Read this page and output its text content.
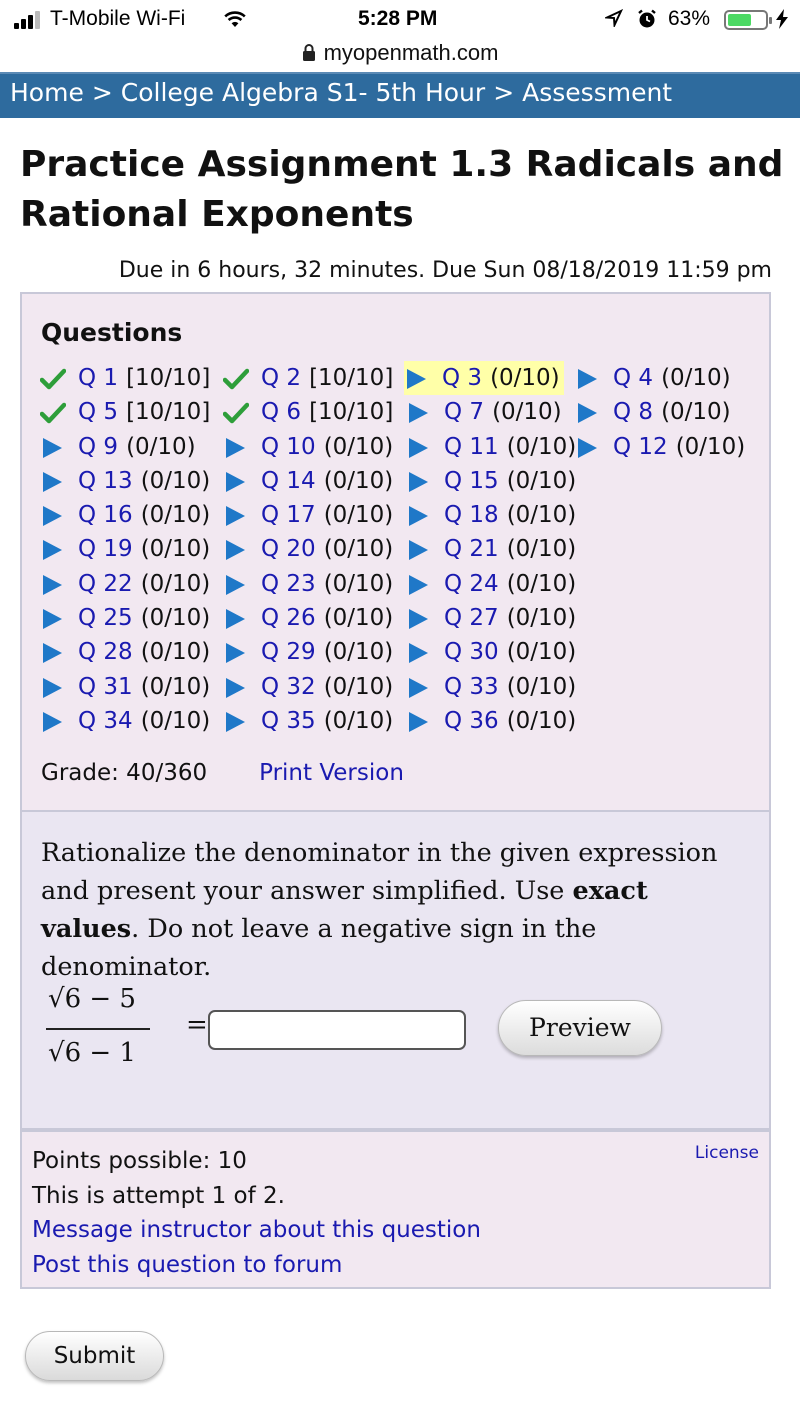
T-Mobile Wi-Fi	5:28 PM	63%
myopenmath.com
Home > College Algebra S1- 5th Hour > Assessment
Practice Assignment 1.3 Radicals and Rational Exponents
Due in 6 hours, 32 minutes. Due Sun 08/18/2019 11:59 pm
Questions
Q 1 [10/10] Q 2 [10/10] Q 3 (0/10) Q 4 (0/10)
Q 5 [10/10] Q 6 [10/10] Q 7 (0/10) Q 8 (0/10)
Q 9 (0/10)	Q 10 (0/10) Q 11 (0/10) Q 12 (0/10)
Q 13 (0/10) Q 14 (0/10) Q 15 (0/10)
Q 16 (0/10) Q 17 (0/10) Q 18 (0/10)
Q 19 (0/10) Q 20 (0/10) Q 21 (0/10)
Q 22 (0/10) Q 23 (0/10) Q 24 (0/10)
Q 25 (0/10) Q 26 (0/10) Q 27 (0/10)
Q 28 (0/10) Q 29 (0/10) Q 30 (0/10)
Q 31 (0/10) Q 32 (0/10) Q 33 (0/10)
Q 34 (0/10) Q 35 (0/10) Q 36 (0/10)
Grade: 40/360 Print Version
Rationalize the denominator in the given expression and present your answer simplified. Use exact values. Do not leave a negative sign in the denominator.
√6 − 5
√6 − 1
=	Preview
Points possible: 10
This is attempt 1 of 2.
Message instructor about this question
Post this question to forum
License
Submit
